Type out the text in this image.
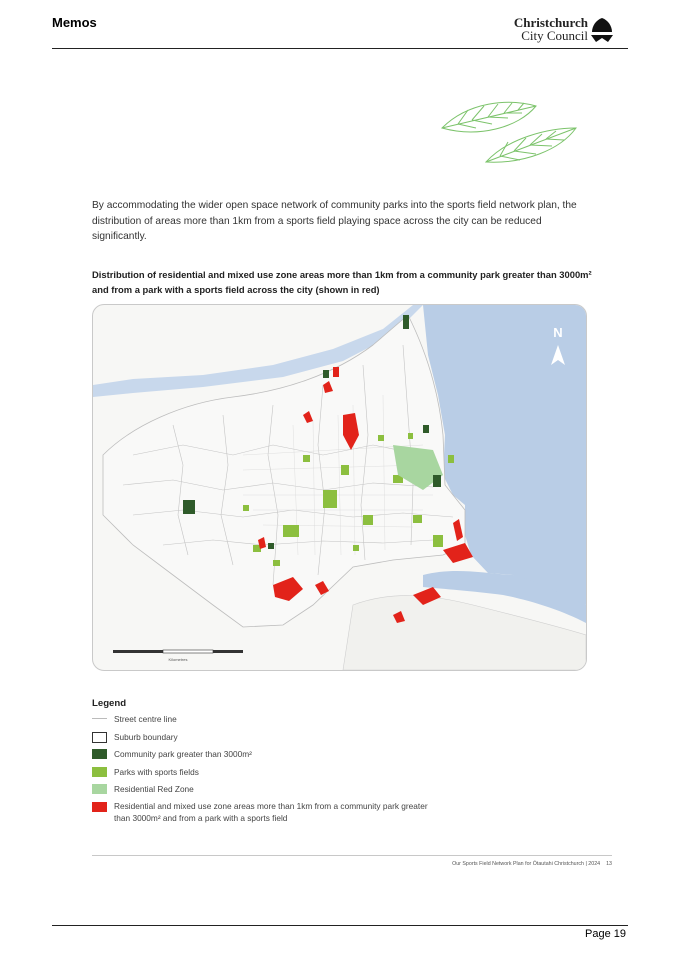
Memos	Christchurch
City Council
By accommodating the wider open space network of community parks into the sports field network plan, the distribution of areas more than 1km from a sports field playing space across the city can be reduced significantly.
Distribution of residential and mixed use zone areas more than 1km from a community park greater than 3000m² and from a park with a sports field across the city (shown in red)
N
Kilometres
Legend
Street centre line
Suburb boundary
Community park greater than 3000m²
Parks with sports fields
Residential Red Zone
Residential and mixed use zone areas more than 1km from a community park greater than 3000m² and from a park with a sports field
Our Sports Field Network Plan for Ōtautahi Christchurch | 2024 13
Page 19
